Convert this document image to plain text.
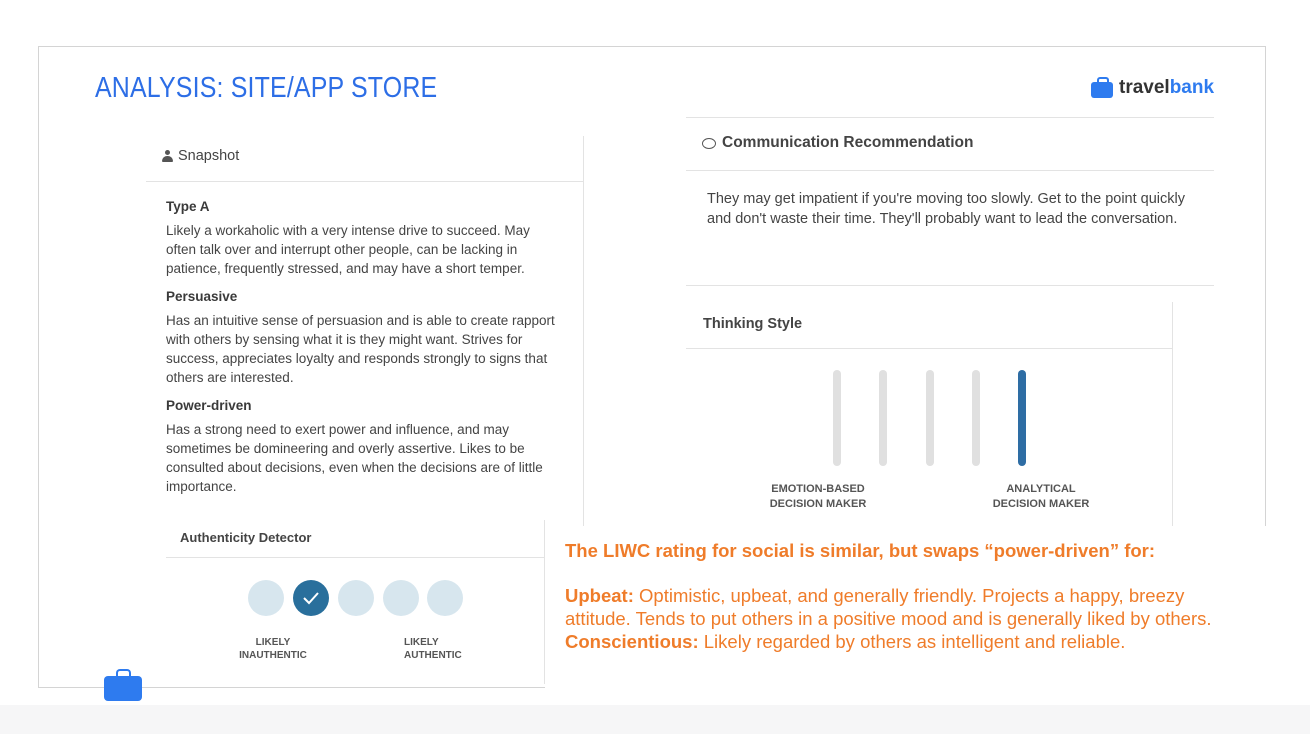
ANALYSIS: SITE/APP STORE	travelbank
Snapshot
Type A

Likely a workaholic with a very intense drive to succeed. May often talk over and interrupt other people, can be lacking in patience, frequently stressed, and may have a short temper.

Persuasive

Has an intuitive sense of persuasion and is able to create rapport with others by sensing what it is they might want. Strives for success, appreciates loyalty and responds strongly to signs that others are interested.

Power-driven

Has a strong need to exert power and influence, and may sometimes be domineering and overly assertive. Likes to be consulted about decisions, even when the decisions are of little importance.

Authenticity Detector
LIKELY
INAUTHENTIC
LIKELY
AUTHENTIC
Communication Recommendation
They may get impatient if you're moving too slowly. Get to the point quickly and don't waste their time. They'll probably want to lead the conversation.
Thinking Style
EMOTION-BASED
DECISION MAKER
ANALYTICAL
DECISION MAKER
The LIWC rating for social is similar, but swaps “power-driven” for:
Upbeat: Optimistic, upbeat, and generally friendly. Projects a happy, breezy attitude. Tends to put others in a positive mood and is generally liked by others.
Conscientious: Likely regarded by others as intelligent and reliable.
